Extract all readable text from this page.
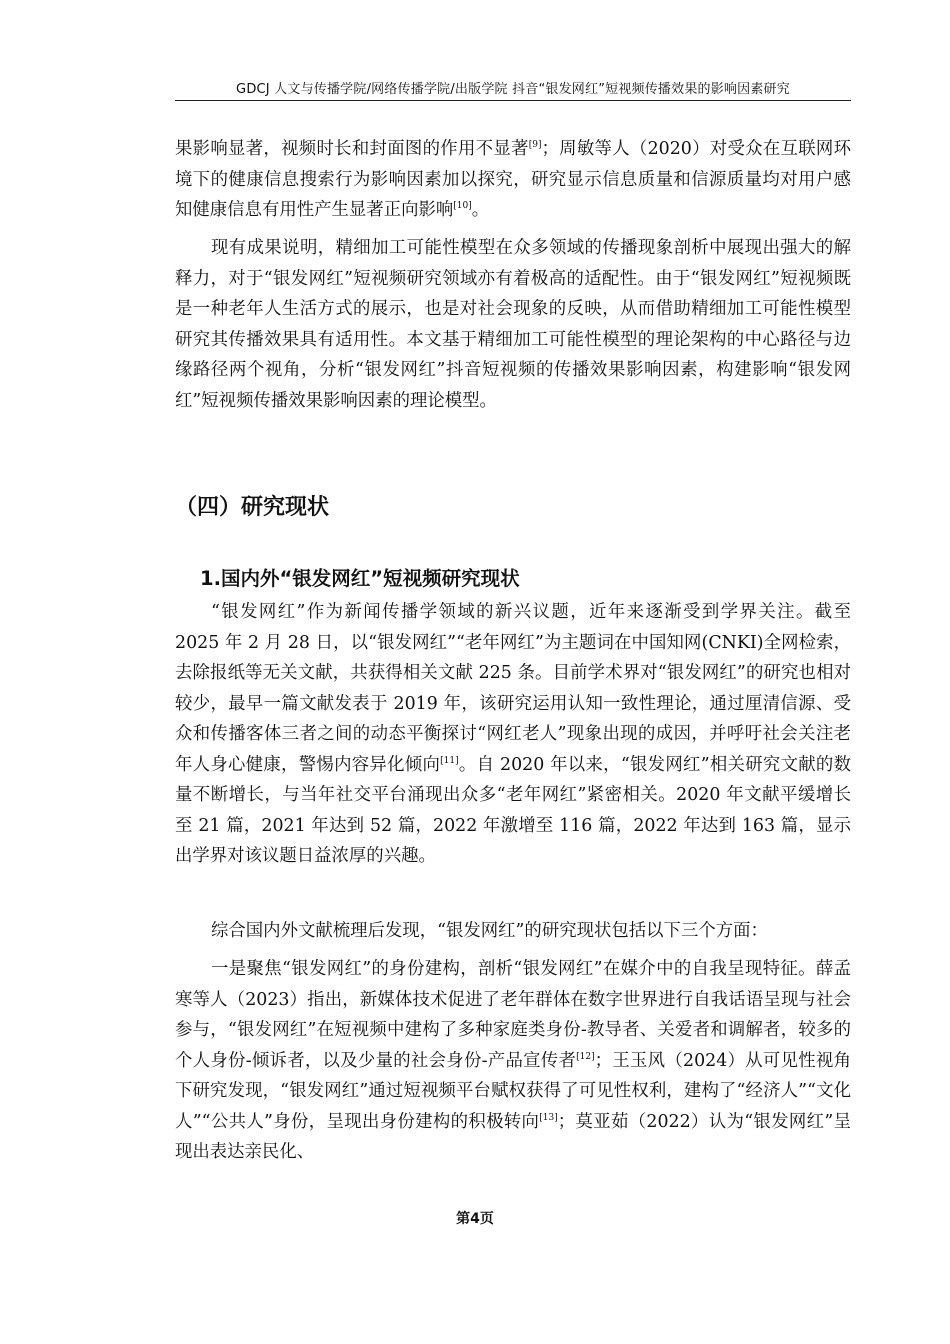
GDCJ 人文与传播学院/网络传播学院/出版学院 抖音“银发网红”短视频传播效果的影响因素研究

果影响显著，视频时长和封面图的作用不显著[9]；周敏等人（2020）对受众在互联网环境下的健康信息搜索行为影响因素加以探究，研究显示信息质量和信源质量均对用户感知健康信息有用性产生显著正向影响[10]。

现有成果说明，精细加工可能性模型在众多领域的传播现象剖析中展现出强大的解释力，对于“银发网红”短视频研究领域亦有着极高的适配性。由于“银发网红”短视频既是一种老年人生活方式的展示，也是对社会现象的反映，从而借助精细加工可能性模型研究其传播效果具有适用性。本文基于精细加工可能性模型的理论架构的中心路径与边缘路径两个视角，分析“银发网红”抖音短视频的传播效果影响因素，构建影响“银发网红”短视频传播效果影响因素的理论模型。

（四）研究现状
1.国内外“银发网红”短视频研究现状

“银发网红”作为新闻传播学领域的新兴议题，近年来逐渐受到学界关注。截至 2025 年 2 月 28 日，以“银发网红”“老年网红”为主题词在中国知网(CNKI)全网检索，去除报纸等无关文献，共获得相关文献 225 条。目前学术界对“银发网红”的研究也相对较少，最早一篇文献发表于 2019 年，该研究运用认知一致性理论，通过厘清信源、受众和传播客体三者之间的动态平衡探讨“网红老人”现象出现的成因，并呼吁社会关注老年人身心健康，警惕内容异化倾向[11]。自 2020 年以来，“银发网红”相关研究文献的数量不断增长，与当年社交平台涌现出众多“老年网红”紧密相关。2020 年文献平缓增长至 21 篇，2021 年达到 52 篇，2022 年激增至 116 篇，2022 年达到 163 篇，显示出学界对该议题日益浓厚的兴趣。

综合国内外文献梳理后发现，“银发网红”的研究现状包括以下三个方面：

一是聚焦“银发网红”的身份建构，剖析“银发网红”在媒介中的自我呈现特征。薛孟寒等人（2023）指出，新媒体技术促进了老年群体在数字世界进行自我话语呈现与社会参与，“银发网红”在短视频中建构了多种家庭类身份-教导者、关爱者和调解者，较多的个人身份-倾诉者，以及少量的社会身份-产品宣传者[12]；王玉风（2024）从可见性视角下研究发现，“银发网红”通过短视频平台赋权获得了可见性权利，建构了“经济人”“文化人”“公共人”身份，呈现出身份建构的积极转向[13]；莫亚茹（2022）认为“银发网红”呈现出表达亲民化、

第4页
